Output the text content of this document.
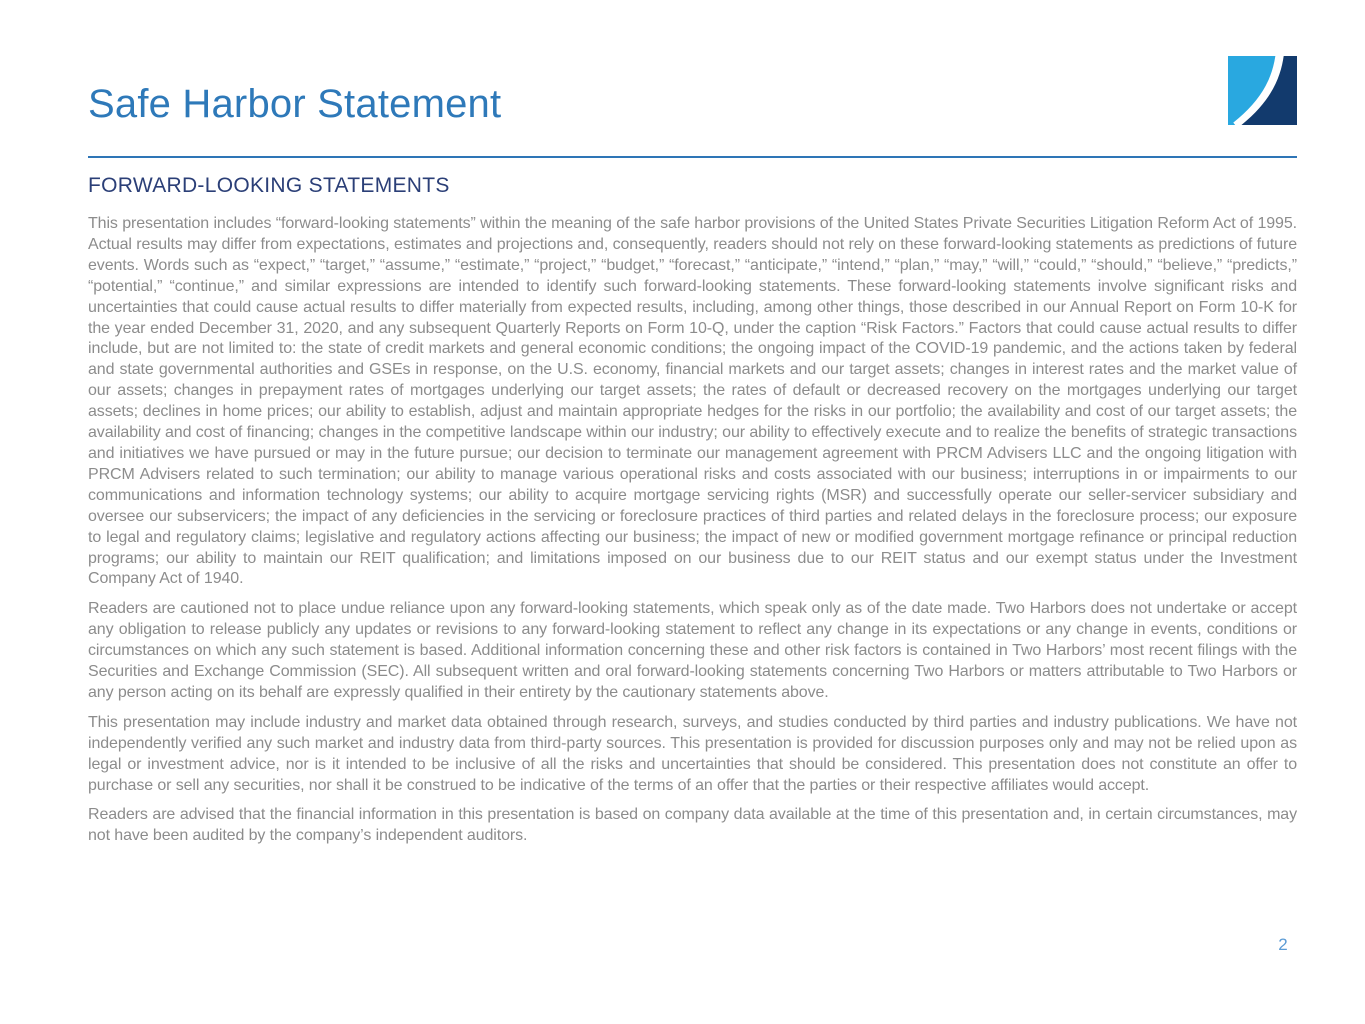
Safe Harbor Statement
FORWARD-LOOKING STATEMENTS

This presentation includes “forward-looking statements” within the meaning of the safe harbor provisions of the United States Private Securities Litigation Reform Act of 1995. Actual results may differ from expectations, estimates and projections and, consequently, readers should not rely on these forward-looking statements as predictions of future events. Words such as “expect,” “target,” “assume,” “estimate,” “project,” “budget,” “forecast,” “anticipate,” “intend,” “plan,” “may,” “will,” “could,” “should,” “believe,” “predicts,” “potential,” “continue,” and similar expressions are intended to identify such forward-looking statements. These forward-looking statements involve significant risks and uncertainties that could cause actual results to differ materially from expected results, including, among other things, those described in our Annual Report on Form 10-K for the year ended December 31, 2020, and any subsequent Quarterly Reports on Form 10-Q, under the caption “Risk Factors.” Factors that could cause actual results to differ include, but are not limited to: the state of credit markets and general economic conditions; the ongoing impact of the COVID-19 pandemic, and the actions taken by federal and state governmental authorities and GSEs in response, on the U.S. economy, financial markets and our target assets; changes in interest rates and the market value of our assets; changes in prepayment rates of mortgages underlying our target assets; the rates of default or decreased recovery on the mortgages underlying our target assets; declines in home prices; our ability to establish, adjust and maintain appropriate hedges for the risks in our portfolio; the availability and cost of our target assets; the availability and cost of financing; changes in the competitive landscape within our industry; our ability to effectively execute and to realize the benefits of strategic transactions and initiatives we have pursued or may in the future pursue; our decision to terminate our management agreement with PRCM Advisers LLC and the ongoing litigation with PRCM Advisers related to such termination; our ability to manage various operational risks and costs associated with our business; interruptions in or impairments to our communications and information technology systems; our ability to acquire mortgage servicing rights (MSR) and successfully operate our seller-servicer subsidiary and oversee our subservicers; the impact of any deficiencies in the servicing or foreclosure practices of third parties and related delays in the foreclosure process; our exposure to legal and regulatory claims; legislative and regulatory actions affecting our business; the impact of new or modified government mortgage refinance or principal reduction programs; our ability to maintain our REIT qualification; and limitations imposed on our business due to our REIT status and our exempt status under the Investment Company Act of 1940.

Readers are cautioned not to place undue reliance upon any forward-looking statements, which speak only as of the date made. Two Harbors does not undertake or accept any obligation to release publicly any updates or revisions to any forward-looking statement to reflect any change in its expectations or any change in events, conditions or circumstances on which any such statement is based. Additional information concerning these and other risk factors is contained in Two Harbors’ most recent filings with the Securities and Exchange Commission (SEC). All subsequent written and oral forward-looking statements concerning Two Harbors or matters attributable to Two Harbors or any person acting on its behalf are expressly qualified in their entirety by the cautionary statements above.

This presentation may include industry and market data obtained through research, surveys, and studies conducted by third parties and industry publications. We have not independently verified any such market and industry data from third-party sources. This presentation is provided for discussion purposes only and may not be relied upon as legal or investment advice, nor is it intended to be inclusive of all the risks and uncertainties that should be considered. This presentation does not constitute an offer to purchase or sell any securities, nor shall it be construed to be indicative of the terms of an offer that the parties or their respective affiliates would accept.

Readers are advised that the financial information in this presentation is based on company data available at the time of this presentation and, in certain circumstances, may not have been audited by the company’s independent auditors.

2
